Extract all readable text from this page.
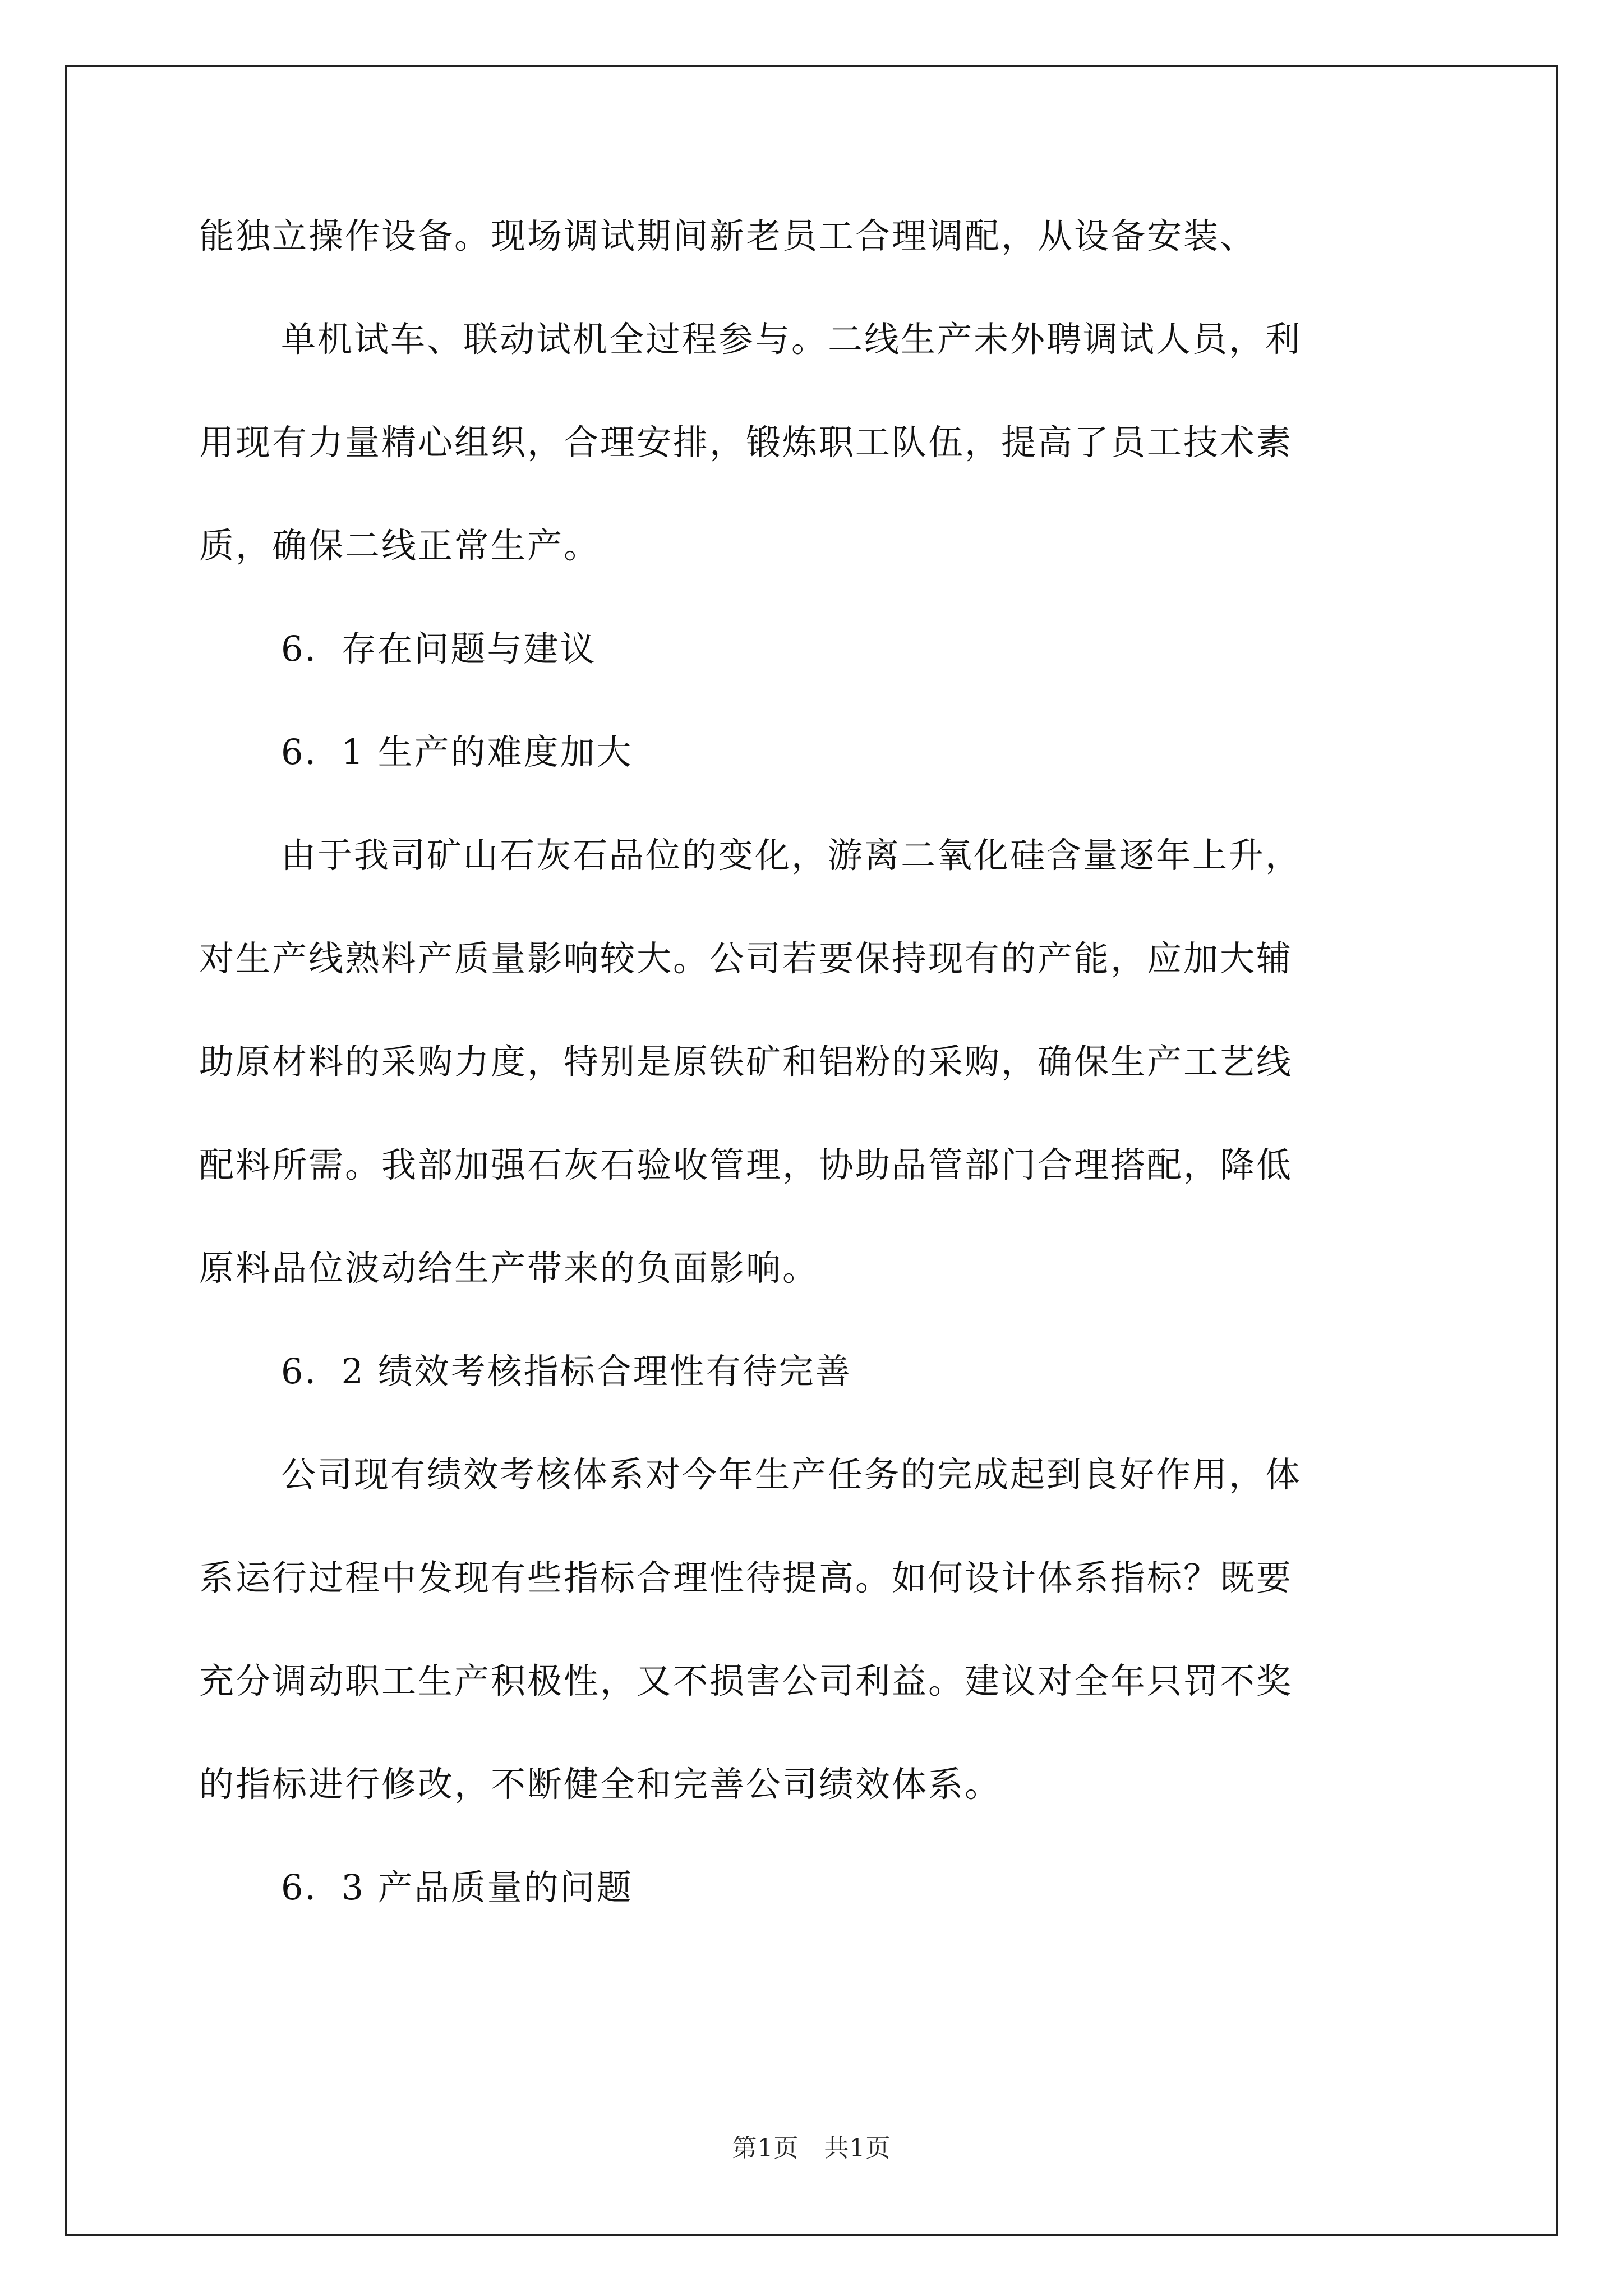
能独立操作设备。现场调试期间新老员工合理调配，从设备安装、
单机试车、联动试机全过程参与。二线生产未外聘调试人员，利
用现有力量精心组织，合理安排，锻炼职工队伍，提高了员工技术素
质，确保二线正常生产。
6．存在问题与建议
6．1 生产的难度加大
由于我司矿山石灰石品位的变化，游离二氧化硅含量逐年上升，
对生产线熟料产质量影响较大。公司若要保持现有的产能，应加大辅
助原材料的采购力度，特别是原铁矿和铝粉的采购，确保生产工艺线
配料所需。我部加强石灰石验收管理，协助品管部门合理搭配，降低
原料品位波动给生产带来的负面影响。
6．2 绩效考核指标合理性有待完善
公司现有绩效考核体系对今年生产任务的完成起到良好作用，体
系运行过程中发现有些指标合理性待提高。如何设计体系指标？既要
充分调动职工生产积极性，又不损害公司利益。建议对全年只罚不奖
的指标进行修改，不断健全和完善公司绩效体系。
6．3 产品质量的问题
第1页　共1页
